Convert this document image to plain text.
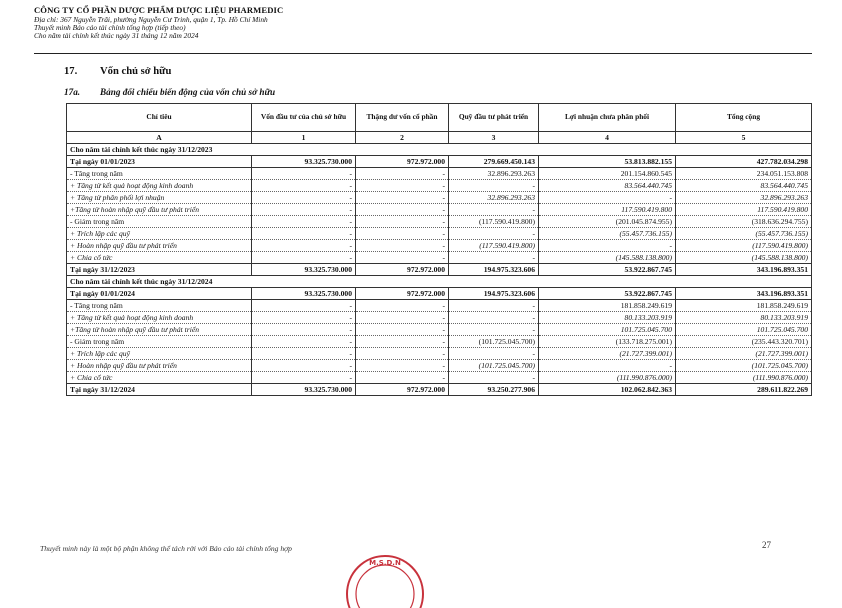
CÔNG TY CỔ PHẦN DƯỢC PHẨM DƯỢC LIỆU PHARMEDIC
Địa chỉ: 367 Nguyễn Trãi, phường Nguyễn Cư Trinh, quận 1, Tp. Hồ Chí Minh
Thuyết minh Báo cáo tài chính tổng hợp (tiếp theo)
Cho năm tài chính kết thúc ngày 31 tháng 12 năm 2024
17. Vốn chủ sở hữu
17a. Bảng đối chiếu biến động của vốn chủ sở hữu
Chỉ tiêu	Vốn đầu tư của chủ sở hữu	Thặng dư vốn cổ phần	Quỹ đầu tư phát triển	Lợi nhuận chưa phân phối	Tổng cộng
A	1	2	3	4	5
Cho năm tài chính kết thúc ngày 31/12/2023					
Tại ngày 01/01/2023	93.325.730.000	972.972.000	279.669.450.143	53.813.882.155	427.782.034.298
- Tăng trong năm	-	-	32.896.293.263	201.154.860.545	234.051.153.808
+ Tăng từ kết quả hoạt động kinh doanh	-	-	-	83.564.440.745	83.564.440.745
+ Tăng từ phân phối lợi nhuận	-	-	32.896.293.263	-	32.896.293.263
+Tăng từ hoàn nhập quỹ đầu tư phát triển	-	-	-	117.590.419.800	117.590.419.800
- Giảm trong năm	-	-	(117.590.419.800)	(201.045.874.955)	(318.636.294.755)
+ Trích lập các quỹ	-	-	-	(55.457.736.155)	(55.457.736.155)
+ Hoàn nhập quỹ đầu tư phát triển	-	-	(117.590.419.800)	-	(117.590.419.800)
+ Chia cổ tức	-	-	-	(145.588.138.800)	(145.588.138.800)
Tại ngày 31/12/2023	93.325.730.000	972.972.000	194.975.323.606	53.922.867.745	343.196.893.351
Cho năm tài chính kết thúc ngày 31/12/2024					
Tại ngày 01/01/2024	93.325.730.000	972.972.000	194.975.323.606	53.922.867.745	343.196.893.351
- Tăng trong năm	-	-	-	181.858.249.619	181.858.249.619
+ Tăng từ kết quả hoạt động kinh doanh	-	-	-	80.133.203.919	80.133.203.919
+Tăng từ hoàn nhập quỹ đầu tư phát triển	-	-	-	101.725.045.700	101.725.045.700
- Giảm trong năm	-	-	(101.725.045.700)	(133.718.275.001)	(235.443.320.701)
+ Trích lập các quỹ	-	-	-	(21.727.399.001)	(21.727.399.001)
+ Hoàn nhập quỹ đầu tư phát triển	-	-	(101.725.045.700)	-	(101.725.045.700)
+ Chia cổ tức	-	-	-	(111.990.876.000)	(111.990.876.000)
Tại ngày 31/12/2024	93.325.730.000	972.972.000	93.250.277.906	102.062.842.363	289.611.822.269
Thuyết minh này là một bộ phận không thể tách rời với Báo cáo tài chính tổng hợp	27
M.S.D.N
